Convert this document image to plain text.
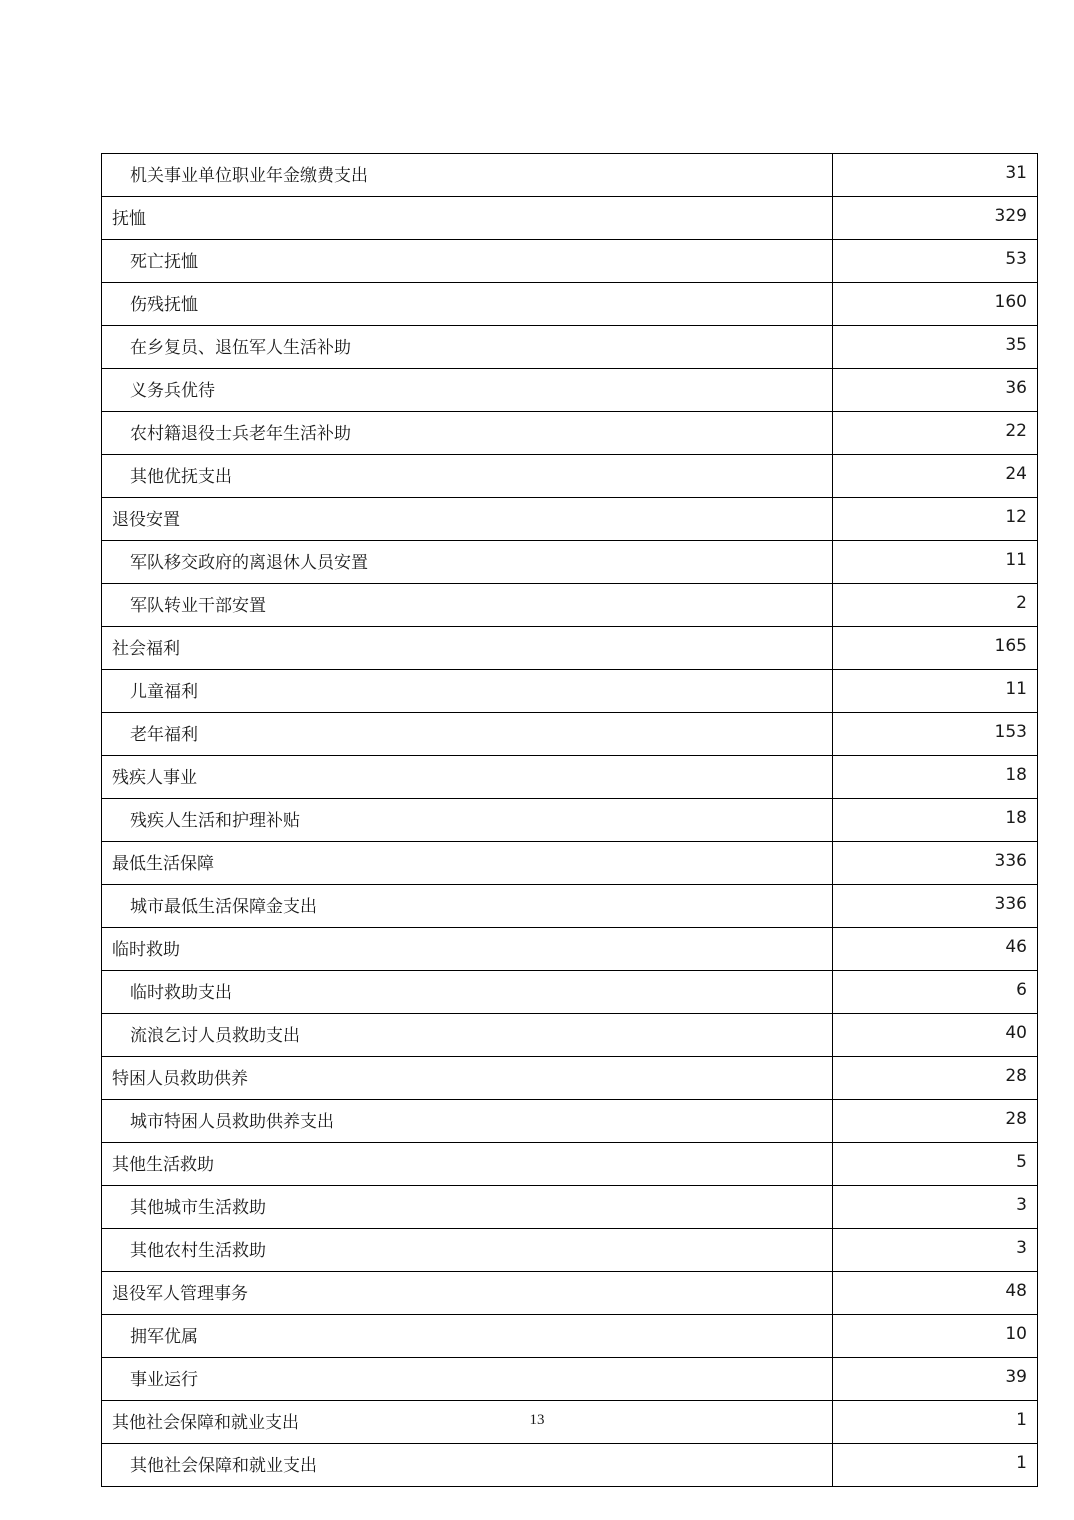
机关事业单位职业年金缴费支出	31
抚恤	329
死亡抚恤	53
伤残抚恤	160
在乡复员、退伍军人生活补助	35
义务兵优待	36
农村籍退役士兵老年生活补助	22
其他优抚支出	24
退役安置	12
军队移交政府的离退休人员安置	11
军队转业干部安置	2
社会福利	165
儿童福利	11
老年福利	153
残疾人事业	18
残疾人生活和护理补贴	18
最低生活保障	336
城市最低生活保障金支出	336
临时救助	46
临时救助支出	6
流浪乞讨人员救助支出	40
特困人员救助供养	28
城市特困人员救助供养支出	28
其他生活救助	5
其他城市生活救助	3
其他农村生活救助	3
退役军人管理事务	48
拥军优属	10
事业运行	39
其他社会保障和就业支出	1
其他社会保障和就业支出	1
13
